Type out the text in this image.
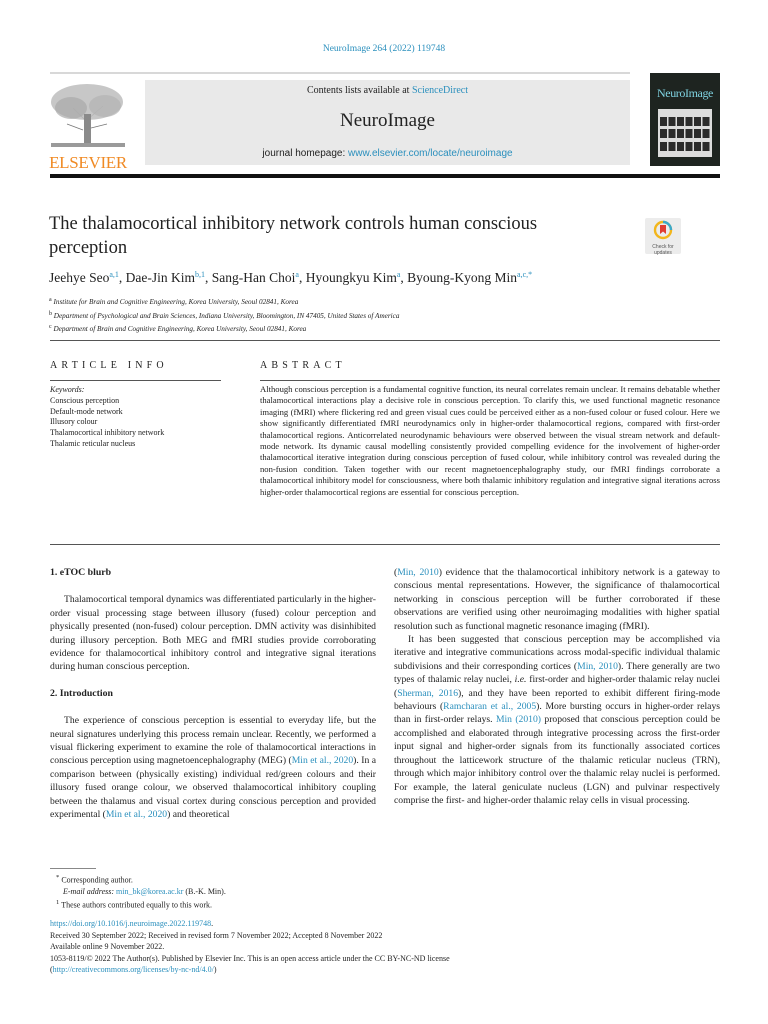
NeuroImage 264 (2022) 119748
ELSEVIER
Contents lists available at ScienceDirect
NeuroImage
journal homepage: www.elsevier.com/locate/neuroimage
NeuroImage
The thalamocortical inhibitory network controls human conscious perception	Check for updates
Jeehye Seo$^{a,1}$, Dae-Jin Kim$^{b,1}$, Sang-Han Choi$^a$, Hyoungkyu Kim$^a$, Byoung-Kyong Min$^{a,c,*}$
$^a$ Institute for Brain and Cognitive Engineering, Korea University, Seoul 02841, Korea
$^b$ Department of Psychological and Brain Sciences, Indiana University, Bloomington, IN 47405, United States of America
$^c$ Department of Brain and Cognitive Engineering, Korea University, Seoul 02841, Korea
ARTICLE INFO
Keywords:
Conscious perception
Default-mode network
Illusory colour
Thalamocortical inhibitory network
Thalamic reticular nucleus
ABSTRACT
Although conscious perception is a fundamental cognitive function, its neural correlates remain unclear. It remains debatable whether thalamocortical interactions play a decisive role in conscious perception. To clarify this, we used functional magnetic resonance imaging (fMRI) where flickering red and green visual cues could be perceived either as a non-fused colour or fused colour. Here we show significantly differentiated fMRI neurodynamics only in higher-order thalamocortical regions, compared with first-order thalamocortical regions. Anticorrelated neurodynamic behaviours were observed between the visual stream network and default-mode network. Its dynamic causal modelling consistently provided compelling evidence for the involvement of higher-order thalamocortical iterative integration during conscious perception of fused colour, while inhibitory control was revealed during the non-fusion condition. Taken together with our recent magnetoencephalography study, our fMRI findings corroborate a thalamocortical inhibitory model for consciousness, where both thalamic inhibitory regulation and integrative signal iterations across higher-order thalamocortical regions are essential for conscious perception.
1. eTOC blurb

Thalamocortical temporal dynamics was differentiated particularly in the higher-order visual processing stage between illusory (fused) colour perception and physically presented (non-fused) colour perception. DMN activity was disinhibited during illusory perception. Both MEG and fMRI studies provide corroborating evidence for thalamocortical inhibitory control and integrative signal iterations during human conscious perception.

2. Introduction

The experience of conscious perception is essential to everyday life, but the neural signatures underlying this process remain unclear. Recently, we performed a visual flickering experiment to examine the role of thalamocortical interactions in conscious perception using magnetoencephalography (MEG) (Min et al., 2020). In a comparison between (physically existing) individual red/green colours and their illusory fused orange colour, we observed thalamocortical inhibitory coupling between the thalamus and visual cortex during conscious perception and provided experimental (Min et al., 2020) and theoretical

(Min, 2010) evidence that the thalamocortical inhibitory network is a gateway to conscious mental representations. However, the significance of thalamocortical networking in conscious perception will be further corroborated if these observations are verified using other neuroimaging modalities with higher spatial resolution such as functional magnetic resonance imaging (fMRI).

It has been suggested that conscious perception may be accomplished via iterative and integrative communications across modal-specific individual thalamic subdivisions and their corresponding cortices (Min, 2010). There generally are two types of thalamic relay nuclei, i.e. first-order and higher-order thalamic relay nuclei (Sherman, 2016), and they have been reported to exhibit different firing-mode behaviours (Ramcharan et al., 2005). More bursting occurs in higher-order relays than in first-order relays. Min (2010) proposed that conscious perception could be accomplished and elaborated through integrative processing across the first-order input signal and higher-order signals from its functionally associated cortices throughout the latticework structure of the thalamic reticular nucleus (TRN), through which major inhibitory control over the thalamic relay nuclei is performed. For example, the lateral geniculate nucleus (LGN) and pulvinar respectively comprise the first- and higher-order thalamic relay cells in visual processing.

* Corresponding author.
E-mail address: min_bk@korea.ac.kr (B.-K. Min).
$^1$ These authors contributed equally to this work.
https://doi.org/10.1016/j.neuroimage.2022.119748.
Received 30 September 2022; Received in revised form 7 November 2022; Accepted 8 November 2022
Available online 9 November 2022.
1053-8119/© 2022 The Author(s). Published by Elsevier Inc. This is an open access article under the CC BY-NC-ND license
(http://creativecommons.org/licenses/by-nc-nd/4.0/)
